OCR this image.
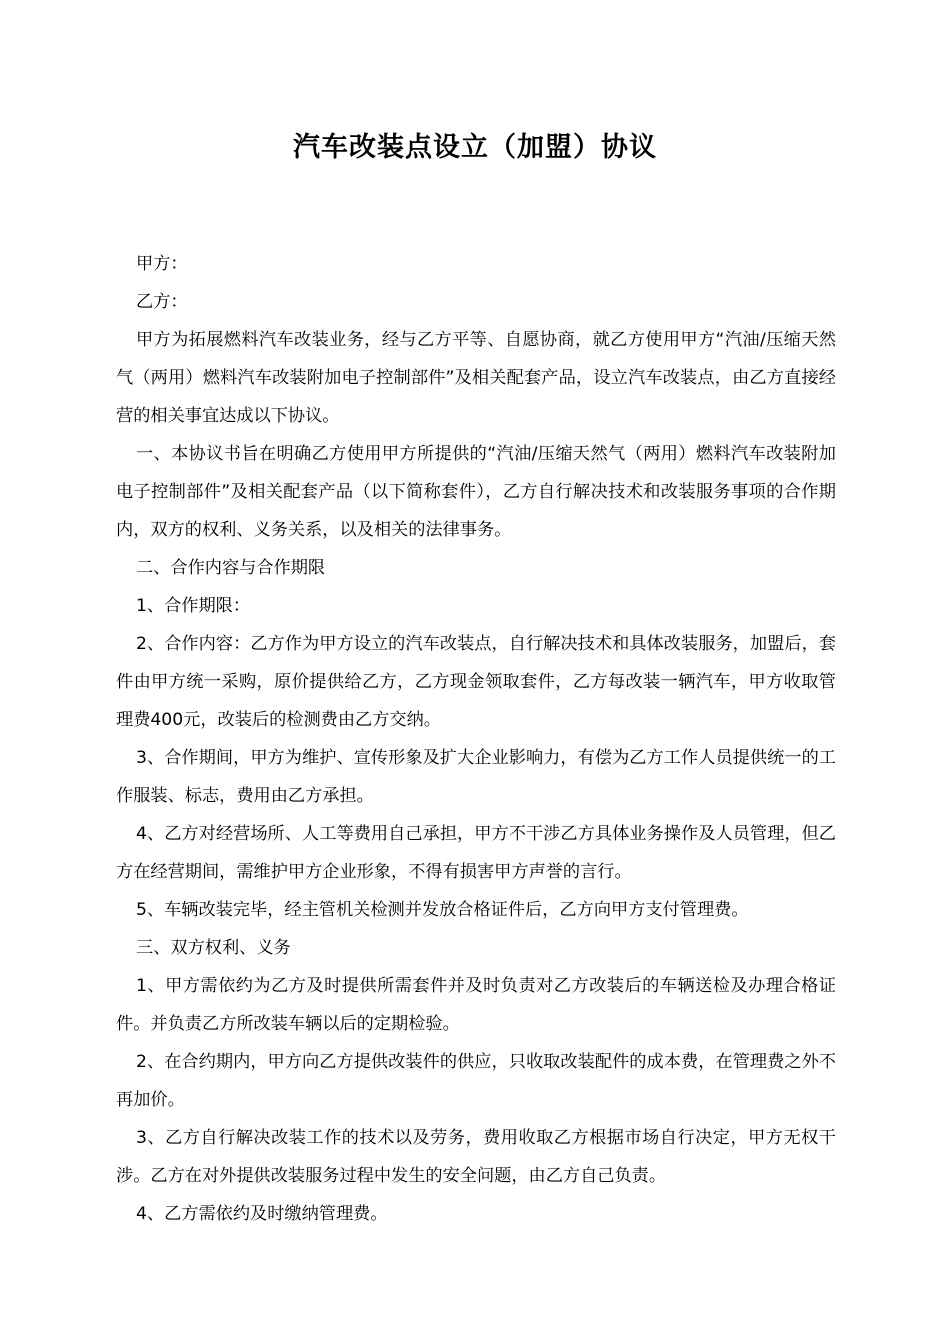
汽车改装点设立（加盟）协议

甲方：

乙方：

甲方为拓展燃料汽车改装业务，经与乙方平等、自愿协商，就乙方使用甲方“汽油/压缩天然气（两用）燃料汽车改装附加电子控制部件”及相关配套产品，设立汽车改装点，由乙方直接经营的相关事宜达成以下协议。

一、本协议书旨在明确乙方使用甲方所提供的“汽油/压缩天然气（两用）燃料汽车改装附加电子控制部件”及相关配套产品（以下简称套件），乙方自行解决技术和改装服务事项的合作期内，双方的权利、义务关系，以及相关的法律事务。

二、合作内容与合作期限

1、合作期限：

2、合作内容：乙方作为甲方设立的汽车改装点，自行解决技术和具体改装服务，加盟后，套件由甲方统一采购，原价提供给乙方，乙方现金领取套件，乙方每改装一辆汽车，甲方收取管理费400元，改装后的检测费由乙方交纳。

3、合作期间，甲方为维护、宣传形象及扩大企业影响力，有偿为乙方工作人员提供统一的工作服装、标志，费用由乙方承担。

4、乙方对经营场所、人工等费用自己承担，甲方不干涉乙方具体业务操作及人员管理，但乙方在经营期间，需维护甲方企业形象，不得有损害甲方声誉的言行。

5、车辆改装完毕，经主管机关检测并发放合格证件后，乙方向甲方支付管理费。

三、双方权利、义务

1、甲方需依约为乙方及时提供所需套件并及时负责对乙方改装后的车辆送检及办理合格证件。并负责乙方所改装车辆以后的定期检验。

2、在合约期内，甲方向乙方提供改装件的供应，只收取改装配件的成本费，在管理费之外不再加价。

3、乙方自行解决改装工作的技术以及劳务，费用收取乙方根据市场自行决定，甲方无权干涉。乙方在对外提供改装服务过程中发生的安全问题，由乙方自己负责。

4、乙方需依约及时缴纳管理费。
